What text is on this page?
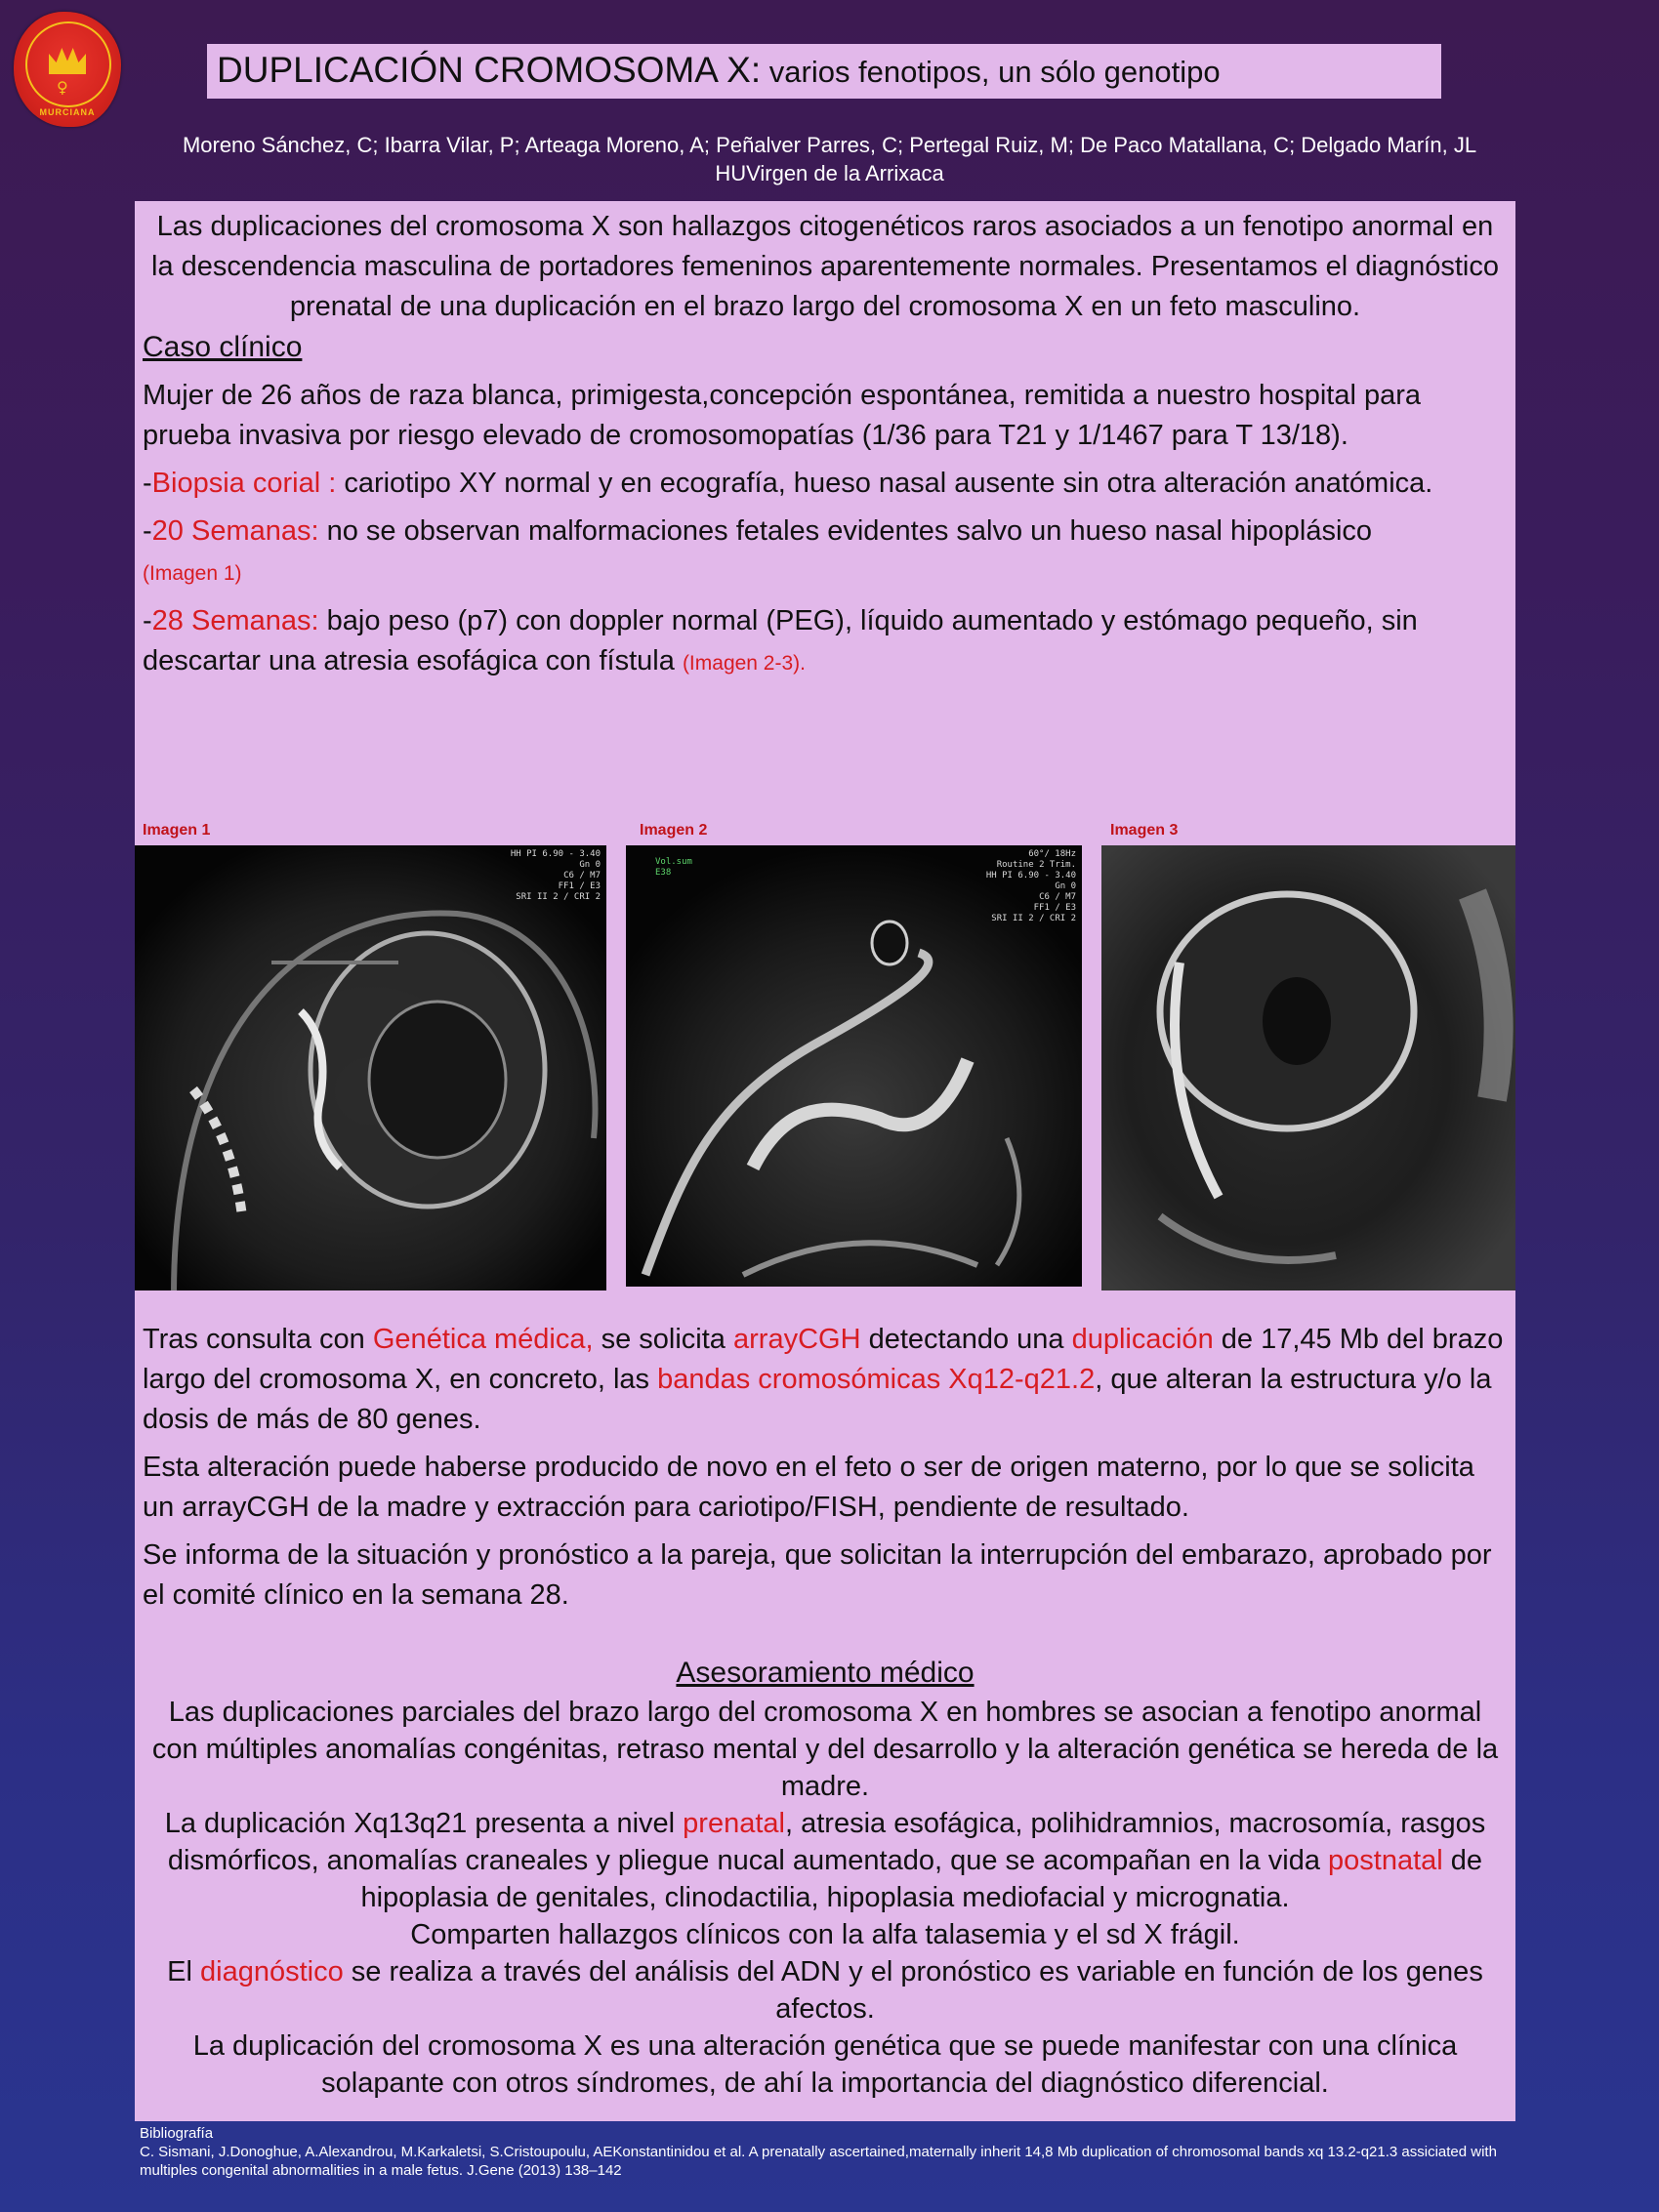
♀
MURCIANA
DUPLICACIÓN CROMOSOMA X: varios fenotipos, un sólo genotipo
Moreno Sánchez, C; Ibarra Vilar, P; Arteaga Moreno, A; Peñalver Parres, C; Pertegal Ruiz, M; De Paco Matallana, C; Delgado Marín, JL
HUVirgen de la Arrixaca

Las duplicaciones del cromosoma X son hallazgos citogenéticos raros asociados a un fenotipo anormal en la descendencia masculina de portadores femeninos aparentemente normales. Presentamos el diagnóstico prenatal de una duplicación en el brazo largo del cromosoma X en un feto masculino.

Caso clínico

Mujer de 26 años de raza blanca, primigesta,concepción espontánea, remitida a nuestro hospital para prueba invasiva por riesgo elevado de cromosomopatías (1/36 para T21 y 1/1467 para T 13/18).

-Biopsia corial : cariotipo XY normal y en ecografía, hueso nasal ausente sin otra alteración anatómica.

-20 Semanas: no se observan malformaciones fetales evidentes salvo un hueso nasal hipoplásico
(Imagen 1)

-28 Semanas: bajo peso (p7) con doppler normal (PEG), líquido aumentado y estómago pequeño, sin descartar una atresia esofágica con fístula (Imagen 2-3).

Imagen 1	Imagen 2	Imagen 3
HH PI 6.90 - 3.40
Gn 0
C6 / M7
FF1 / E3
SRI II 2 / CRI 2
Vol.sum
E38
60°/ 18Hz
Routine 2 Trim.
HH PI 6.90 - 3.40
Gn 0
C6 / M7
FF1 / E3
SRI II 2 / CRI 2

Tras consulta con Genética médica, se solicita arrayCGH detectando una duplicación de 17,45 Mb del brazo largo del cromosoma X, en concreto, las bandas cromosómicas Xq12-q21.2, que alteran la estructura y/o la dosis de más de 80 genes.

Esta alteración puede haberse producido de novo en el feto o ser de origen materno, por lo que se solicita un arrayCGH de la madre y extracción para cariotipo/FISH, pendiente de resultado.

Se informa de la situación y pronóstico a la pareja, que solicitan la interrupción del embarazo, aprobado por el comité clínico en la semana 28.

Asesoramiento médico

Las duplicaciones parciales del brazo largo del cromosoma X en hombres se asocian a fenotipo anormal con múltiples anomalías congénitas, retraso mental y del desarrollo y la alteración genética se hereda de la madre.

La duplicación Xq13q21 presenta a nivel prenatal, atresia esofágica, polihidramnios, macrosomía, rasgos dismórficos, anomalías craneales y pliegue nucal aumentado, que se acompañan en la vida postnatal de hipoplasia de genitales, clinodactilia, hipoplasia mediofacial y micrognatia.

Comparten hallazgos clínicos con la alfa talasemia y el sd X frágil.

El diagnóstico se realiza a través del análisis del ADN y el pronóstico es variable en función de los genes afectos.

La duplicación del cromosoma X es una alteración genética que se puede manifestar con una clínica solapante con otros síndromes, de ahí la importancia del diagnóstico diferencial.

Bibliografía
C. Sismani, J.Donoghue, A.Alexandrou, M.Karkaletsi, S.Cristoupoulu, AEKonstantinidou et al. A prenatally ascertained,maternally inherit 14,8 Mb duplication of chromosomal bands xq 13.2-q21.3 assiciated with multiples congenital abnormalities in a male fetus. J.Gene (2013) 138–142
